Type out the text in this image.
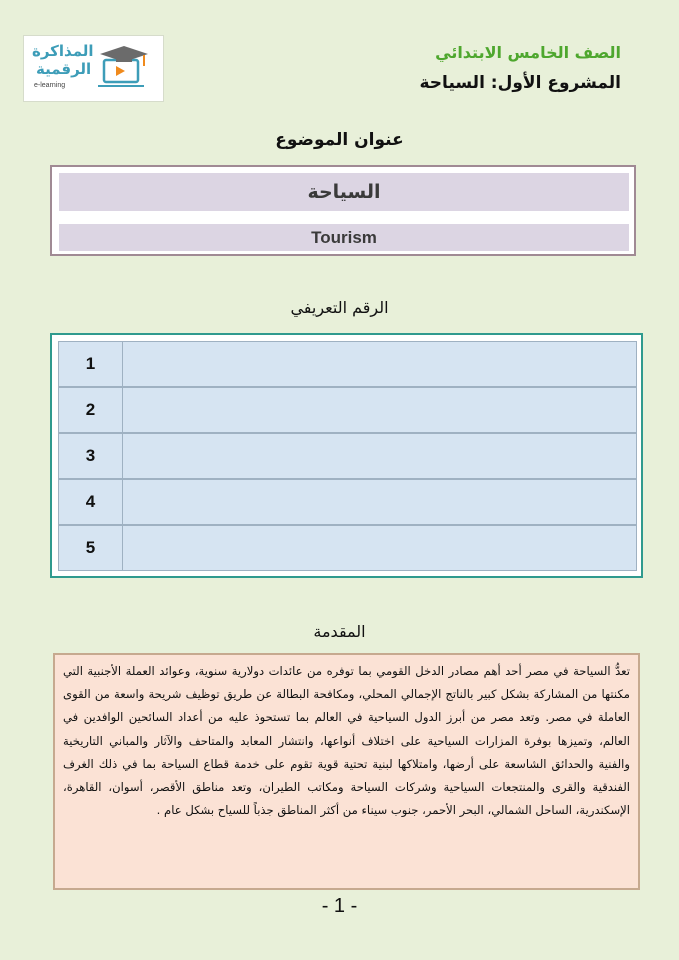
المذاكرة
الرقمية
e-learning
الصف الخامس الابتدائي
المشروع الأول: السياحة
عنوان الموضوع
السياحة
Tourism
الرقم التعريفي
1
2
3
4
5
المقدمة
تعدُّ السياحة في مصر أحد أهم مصادر الدخل القومي بما توفره من عائدات دولارية سنوية، وعوائد العملة الأجنبية التي مكنتها من المشاركة بشكل كبير بالناتج الإجمالي المحلي، ومكافحة البطالة عن طريق توظيف شريحة واسعة من القوى العاملة في مصر. وتعد مصر من أبرز الدول السياحية في العالم بما تستحوذ عليه من أعداد السائحين الوافدين في العالم، وتميزها بوفرة المزارات السياحية على اختلاف أنواعها، وانتشار المعابد والمتاحف والآثار والمباني التاريخية والفنية والحدائق الشاسعة على أرضها، وامتلاكها لبنية تحتية قوية تقوم على خدمة قطاع السياحة بما في ذلك الغرف الفندقية والقرى والمنتجعات السياحية وشركات السياحة ومكاتب الطيران، وتعد مناطق الأقصر، أسوان، القاهرة، الإسكندرية، الساحل الشمالي، البحر الأحمر، جنوب سيناء من أكثر المناطق جذباً للسياح بشكل عام .
- 1 -
